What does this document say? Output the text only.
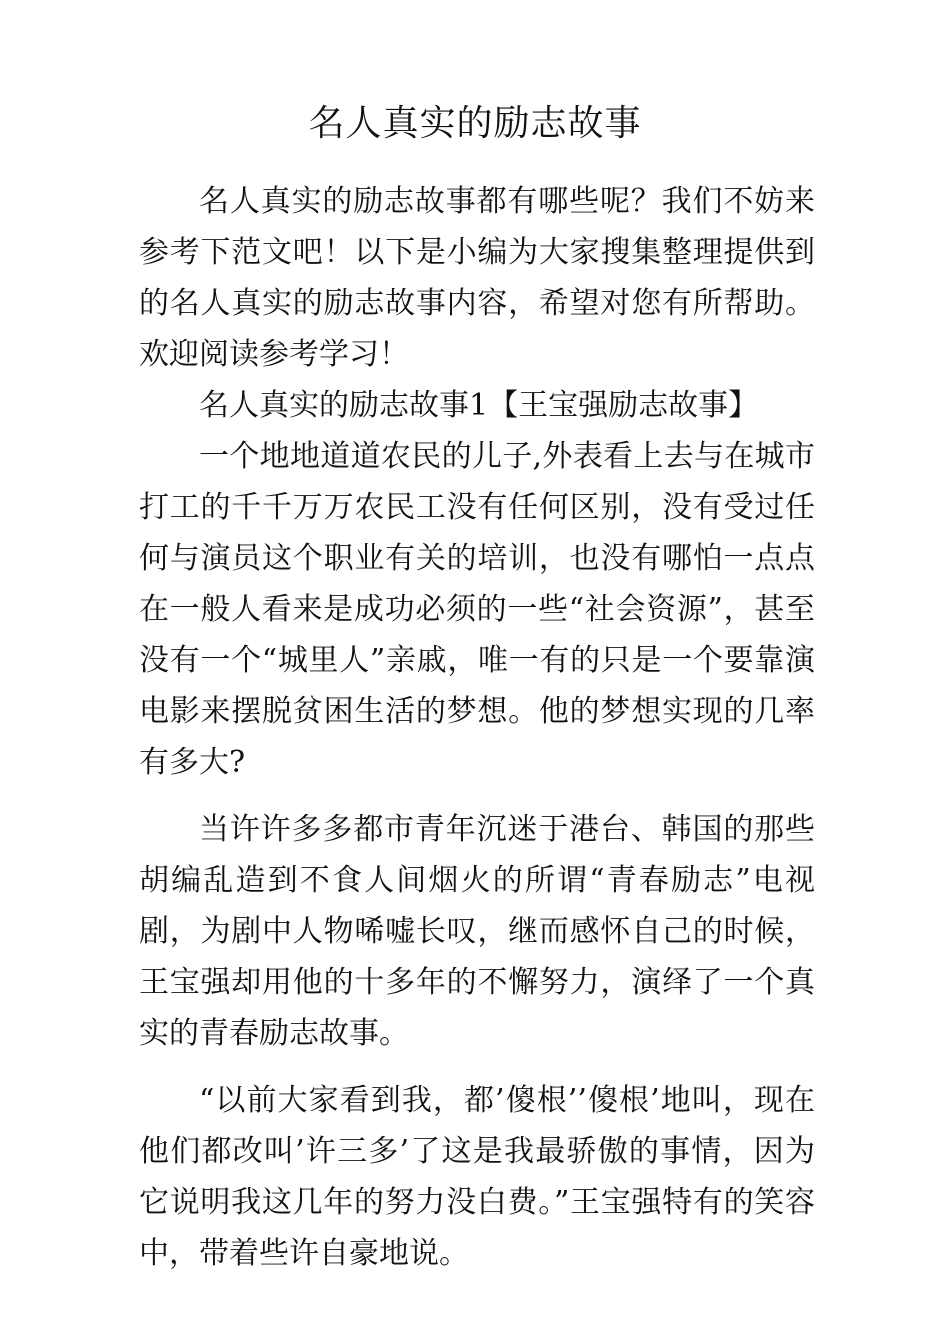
名人真实的励志故事

名人真实的励志故事都有哪些呢？我们不妨来参考下范文吧！以下是小编为大家搜集整理提供到的名人真实的励志故事内容，希望对您有所帮助。欢迎阅读参考学习！

名人真实的励志故事1【王宝强励志故事】

一个地地道道农民的儿子,外表看上去与在城市打工的千千万万农民工没有任何区别，没有受过任何与演员这个职业有关的培训，也没有哪怕一点点在一般人看来是成功必须的一些“社会资源”，甚至没有一个“城里人”亲戚，唯一有的只是一个要靠演电影来摆脱贫困生活的梦想。他的梦想实现的几率有多大?

当许许多多都市青年沉迷于港台、韩国的那些胡编乱造到不食人间烟火的所谓“青春励志”电视剧，为剧中人物唏嘘长叹，继而感怀自己的时候，王宝强却用他的十多年的不懈努力，演绎了一个真实的青春励志故事。

“以前大家看到我，都’傻根’’傻根’地叫，现在他们都改叫’许三多’了这是我最骄傲的事情，因为它说明我这几年的努力没白费。”王宝强特有的笑容中，带着些许自豪地说。
